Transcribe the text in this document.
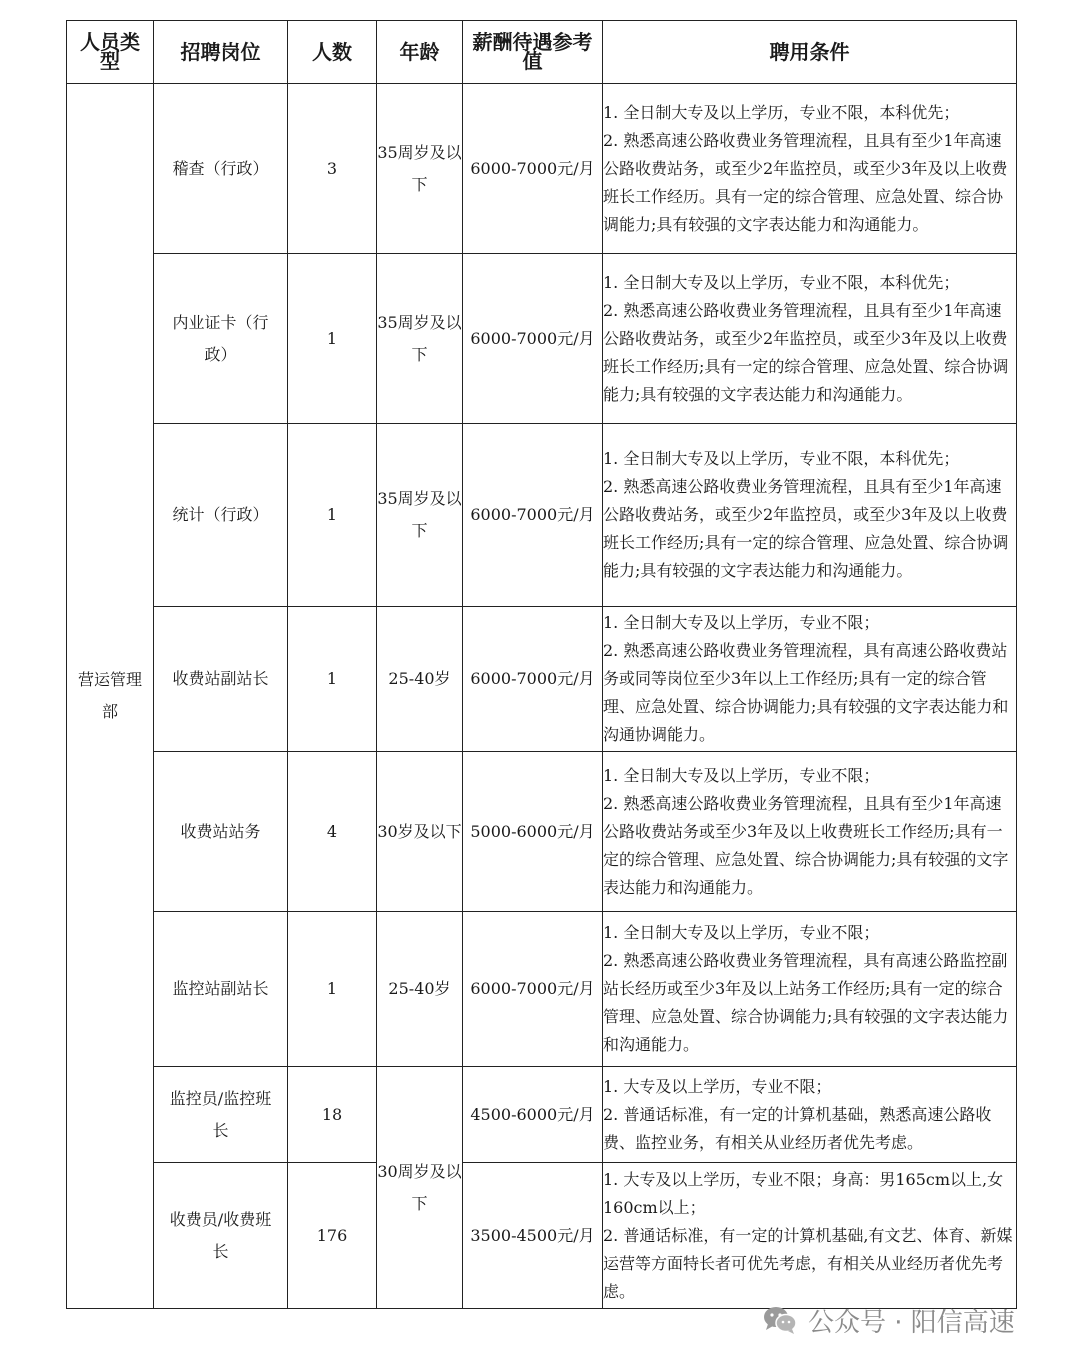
人员类型	招聘岗位	人数	年龄	薪酬待遇参考值	聘用条件
营运管理部	稽查（行政）	3	35周岁及以下	6000-7000元/月	1. 全日制大专及以上学历，专业不限，本科优先；
2. 熟悉高速公路收费业务管理流程，且具有至少1年高速公路收费站务，或至少2年监控员，或至少3年及以上收费班长工作经历。具有一定的综合管理、应急处置、综合协调能力;具有较强的文字表达能力和沟通能力。

	内业证卡（行政）	1	35周岁及以下	6000-7000元/月	1. 全日制大专及以上学历，专业不限，本科优先；
2. 熟悉高速公路收费业务管理流程，且具有至少1年高速公路收费站务，或至少2年监控员，或至少3年及以上收费班长工作经历;具有一定的综合管理、应急处置、综合协调能力;具有较强的文字表达能力和沟通能力。

	统计（行政）	1	35周岁及以下	6000-7000元/月	1. 全日制大专及以上学历，专业不限，本科优先；
2. 熟悉高速公路收费业务管理流程，且具有至少1年高速公路收费站务，或至少2年监控员，或至少3年及以上收费班长工作经历;具有一定的综合管理、应急处置、综合协调能力;具有较强的文字表达能力和沟通能力。

	收费站副站长	1	25-40岁	6000-7000元/月	1. 全日制大专及以上学历，专业不限；
2. 熟悉高速公路收费业务管理流程，具有高速公路收费站务或同等岗位至少3年以上工作经历;具有一定的综合管理、应急处置、综合协调能力;具有较强的文字表达能力和沟通协调能力。

	收费站站务	4	30岁及以下	5000-6000元/月	1. 全日制大专及以上学历，专业不限；
2. 熟悉高速公路收费业务管理流程，且具有至少1年高速公路收费站务或至少3年及以上收费班长工作经历;具有一定的综合管理、应急处置、综合协调能力;具有较强的文字表达能力和沟通能力。

	监控站副站长	1	25-40岁	6000-7000元/月	1. 全日制大专及以上学历，专业不限；
2. 熟悉高速公路收费业务管理流程，具有高速公路监控副站长经历或至少3年及以上站务工作经历;具有一定的综合管理、应急处置、综合协调能力;具有较强的文字表达能力和沟通能力。

	监控员/监控班长	18	30周岁及以下	4500-6000元/月	1. 大专及以上学历，专业不限；
2. 普通话标准，有一定的计算机基础，熟悉高速公路收费、监控业务，有相关从业经历者优先考虑。

	收费员/收费班长	176		3500-4500元/月	1. 大专及以上学历，专业不限；身高：男165cm以上,女160cm以上；
2. 普通话标准，有一定的计算机基础,有文艺、体育、新媒运营等方面特长者可优先考虑，有相关从业经历者优先考虑。
公众号 · 阳信高速
